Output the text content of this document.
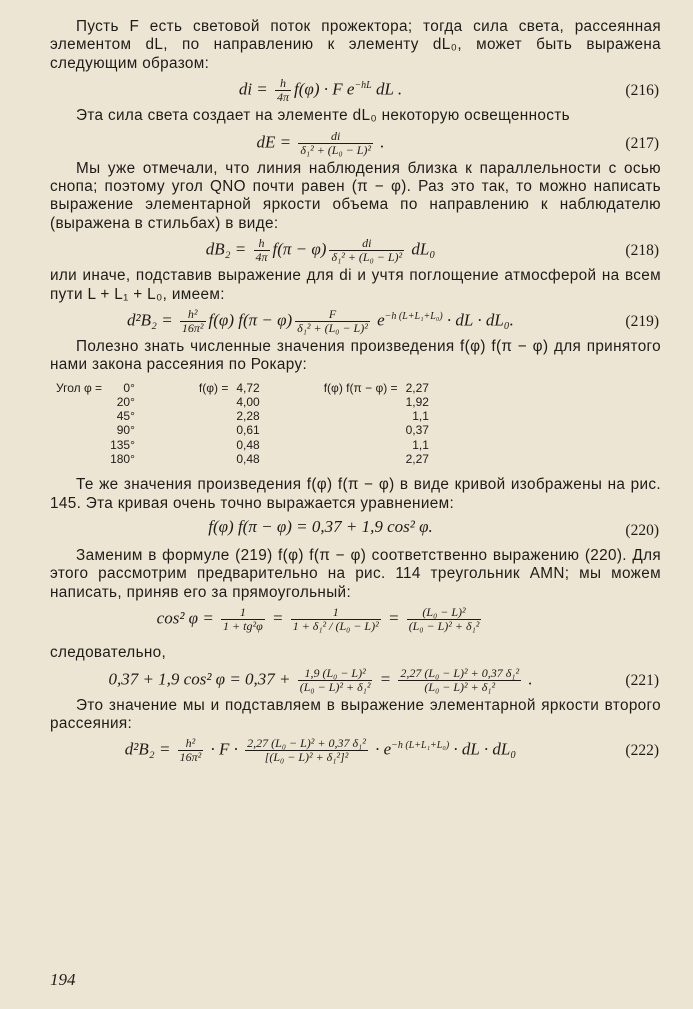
Пусть F есть световой поток прожектора; тогда сила света, рассеянная элементом dL, по направлению к элементу dL₀, может быть выражена следующим образом:

di = $\frac{h}{4\pi} f(\varphi) \cdot F$ $e^{-hL}$ dL .	(216)

Эта сила света создает на элементе dL₀ некоторую освещенность

dE = $\frac{di}{\text{δ₁² + (L₀ − L)²}}$ .	(217)

Мы уже отмечали, что линия наблюдения близка к параллельности с осью снопа; поэтому угол QNO почти равен (π − φ). Раз это так, то можно написать выражение элементарной яркости объема по направлению к наблюдателю (выражена в стильбах) в виде:

$dB_2 = \frac{h}{4\pi} f(\pi - \varphi) \frac{di}{\text{δ₁² + (L₀ − L)²}} dL_0$	(218)

или иначе, подставив выражение для di и учтя поглощение атмосферой на всем пути L + L₁ + L₀, имеем:

$d^2B_2 = \frac{\text{h²}}{\text{16π²}} f(\varphi) f(\pi - \varphi) \frac{F}{\text{δ₁² + (L₀ − L)²}} e^{-h (L+L_1+L_0)}$ · dL · dL₀.	(219)

Полезно знать численные значения произведения f(φ) f(π − φ) для принятого нами закона рассеяния по Рокару:

Угол φ =	0°	f(φ) =	4,72	f(φ) f(π − φ) =	2,27
	20°		4,00		1,92
	45°		2,28		1,1
	90°		0,61		0,37
	135°		0,48		1,1
	180°		0,48		2,27

Те же значения произведения f(φ) f(π − φ) в виде кривой изображены на рис. 145. Эта кривая очень точно выражается уравнением:

f(φ) f(π − φ) = 0,37 + 1,9 cos² φ.	(220)

Заменим в формуле (219) f(φ) f(π − φ) соответственно выражению (220). Для этого рассмотрим предварительно на рис. 114 треугольник AMN; мы можем написать, приняв его за прямоугольный:

cos² $\varphi = \frac{1}{\text{1 + tg²φ}} = \frac{1}{\text{1 + δ₁² / (L₀ − L)²}} = \frac{\text{(L₀ − L)²}}{\text{(L₀ − L)² + δ₁²}}$

следовательно,

0,37 + 1,9 cos² $\varphi = 0,37 + \frac{\text{1,9 (L₀ − L)²}}{\text{(L₀ − L)² + δ₁²}} = \frac{\text{2,27 (L₀ − L)² + 0,37 δ₁²}}{\text{(L₀ − L)² + δ₁²}}$ .	(221)

Это значение мы и подставляем в выражение элементарной яркости второго рассеяния:

$d^2B_2 = \frac{\text{h²}}{\text{16π²}} \cdot F \cdot \frac{\text{2,27 (L₀ − L)² + 0,37 δ₁²}}{\text{[(L₀ − L)² + δ₁²]²}} \cdot e^{-h (L+L_1+L_0)}$ · dL · dL₀	(222)
194
